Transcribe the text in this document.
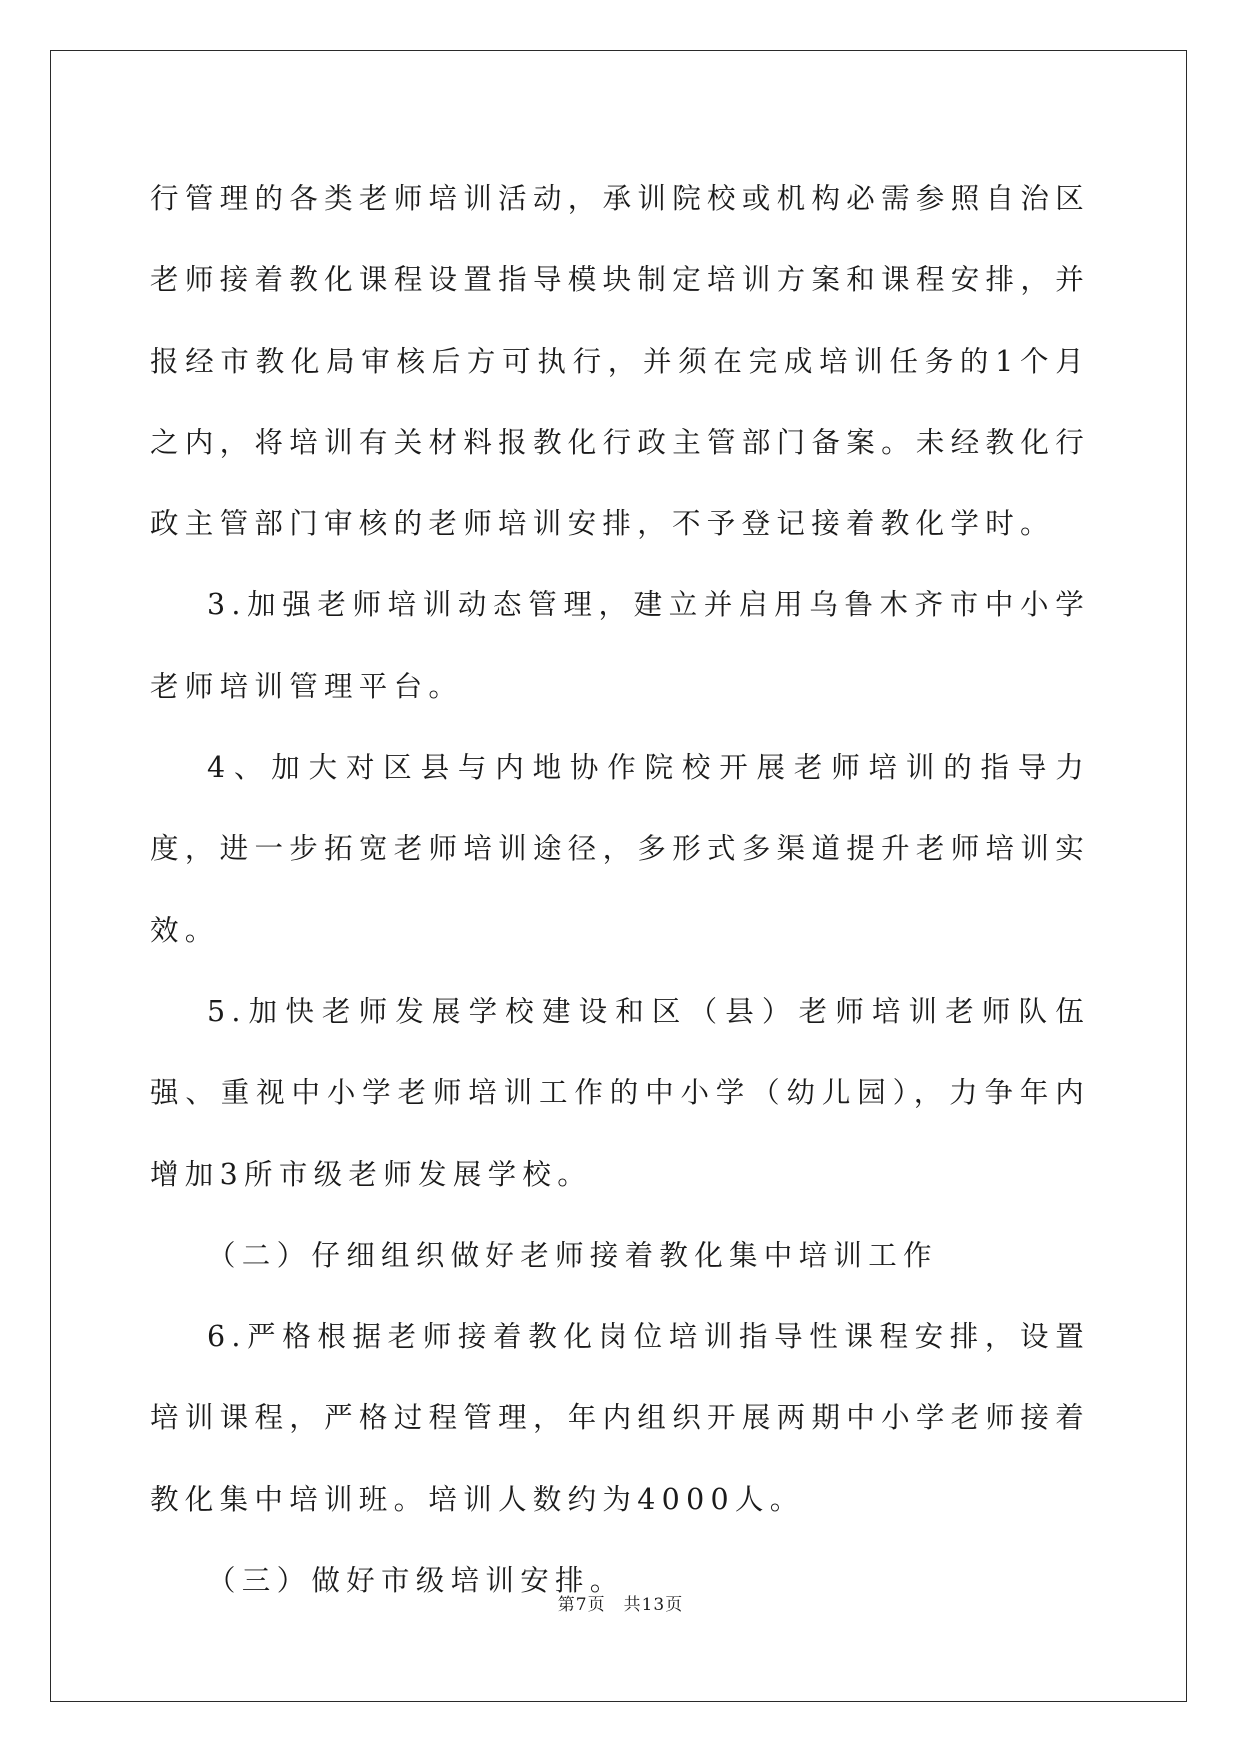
行管理的各类老师培训活动，承训院校或机构必需参照自治区老师接着教化课程设置指导模块制定培训方案和课程安排，并报经市教化局审核后方可执行，并须在完成培训任务的1个月之内，将培训有关材料报教化行政主管部门备案。未经教化行政主管部门审核的老师培训安排，不予登记接着教化学时。

3.加强老师培训动态管理，建立并启用乌鲁木齐市中小学老师培训管理平台。

4、加大对区县与内地协作院校开展老师培训的指导力度，进一步拓宽老师培训途径，多形式多渠道提升老师培训实效。

5.加快老师发展学校建设和区（县）老师培训老师队伍强、重视中小学老师培训工作的中小学（幼儿园），力争年内增加3所市级老师发展学校。

（二）仔细组织做好老师接着教化集中培训工作

6.严格根据老师接着教化岗位培训指导性课程安排，设置培训课程，严格过程管理，年内组织开展两期中小学老师接着教化集中培训班。培训人数约为4000人。

（三）做好市级培训安排。

第7页 共13页
